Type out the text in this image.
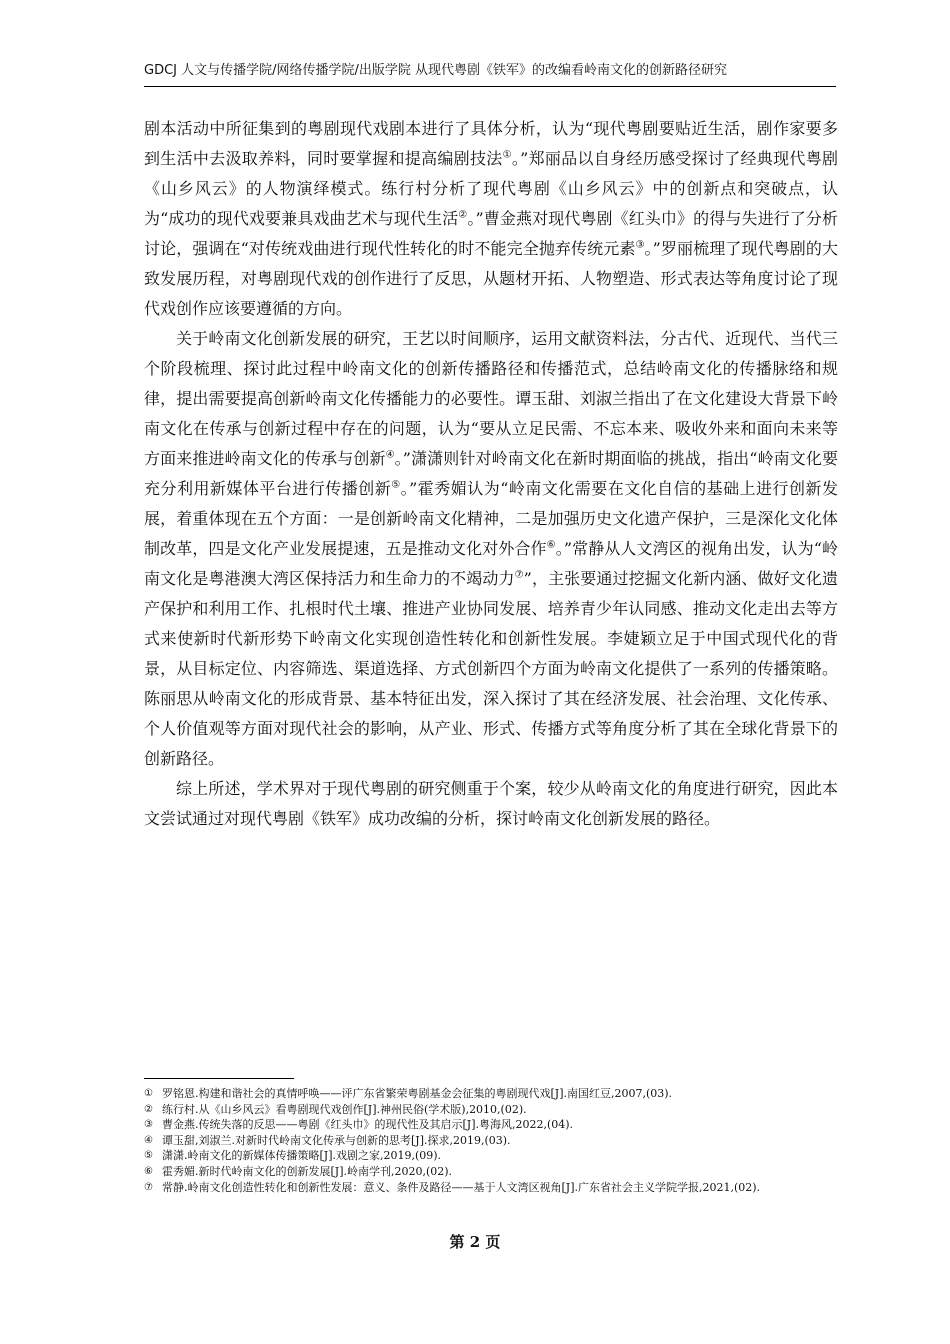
GDCJ 人文与传播学院/网络传播学院/出版学院 从现代粤剧《铁军》的改编看岭南文化的创新路径研究

剧本活动中所征集到的粤剧现代戏剧本进行了具体分析，认为“现代粤剧要贴近生活，剧作家要多到生活中去汲取养料，同时要掌握和提高编剧技法①。”郑丽品以自身经历感受探讨了经典现代粤剧《山乡风云》的人物演绎模式。练行村分析了现代粤剧《山乡风云》中的创新点和突破点，认为“成功的现代戏要兼具戏曲艺术与现代生活②。”曹金燕对现代粤剧《红头巾》的得与失进行了分析讨论，强调在“对传统戏曲进行现代性转化的时不能完全抛弃传统元素③。”罗丽梳理了现代粤剧的大致发展历程，对粤剧现代戏的创作进行了反思，从题材开拓、人物塑造、形式表达等角度讨论了现代戏创作应该要遵循的方向。

关于岭南文化创新发展的研究，王艺以时间顺序，运用文献资料法，分古代、近现代、当代三个阶段梳理、探讨此过程中岭南文化的创新传播路径和传播范式，总结岭南文化的传播脉络和规律，提出需要提高创新岭南文化传播能力的必要性。谭玉甜、刘淑兰指出了在文化建设大背景下岭南文化在传承与创新过程中存在的问题，认为“要从立足民需、不忘本来、吸收外来和面向未来等方面来推进岭南文化的传承与创新④。”潇潇则针对岭南文化在新时期面临的挑战，指出“岭南文化要充分利用新媒体平台进行传播创新⑤。”霍秀媚认为“岭南文化需要在文化自信的基础上进行创新发展，着重体现在五个方面：一是创新岭南文化精神，二是加强历史文化遗产保护，三是深化文化体制改革，四是文化产业发展提速，五是推动文化对外合作⑥。”常静从人文湾区的视角出发，认为“岭南文化是粤港澳大湾区保持活力和生命力的不竭动力⑦”，主张要通过挖掘文化新内涵、做好文化遗产保护和利用工作、扎根时代土壤、推进产业协同发展、培养青少年认同感、推动文化走出去等方式来使新时代新形势下岭南文化实现创造性转化和创新性发展。李婕颖立足于中国式现代化的背景，从目标定位、内容筛选、渠道选择、方式创新四个方面为岭南文化提供了一系列的传播策略。陈丽思从岭南文化的形成背景、基本特征出发，深入探讨了其在经济发展、社会治理、文化传承、个人价值观等方面对现代社会的影响，从产业、形式、传播方式等角度分析了其在全球化背景下的创新路径。

综上所述，学术界对于现代粤剧的研究侧重于个案，较少从岭南文化的角度进行研究，因此本文尝试通过对现代粤剧《铁军》成功改编的分析，探讨岭南文化创新发展的路径。

① 罗铭恩.构建和谐社会的真情呼唤——评广东省繁荣粤剧基金会征集的粤剧现代戏[J].南国红豆,2007,(03).
② 练行村.从《山乡风云》看粤剧现代戏创作[J].神州民俗(学术版),2010,(02).
③ 曹金燕.传统失落的反思——粤剧《红头巾》的现代性及其启示[J].粤海风,2022,(04).
④ 谭玉甜,刘淑兰.对新时代岭南文化传承与创新的思考[J].探求,2019,(03).
⑤ 潇潇.岭南文化的新媒体传播策略[J].戏剧之家,2019,(09).
⑥ 霍秀媚.新时代岭南文化的创新发展[J].岭南学刊,2020,(02).
⑦ 常静.岭南文化创造性转化和创新性发展：意义、条件及路径——基于人文湾区视角[J].广东省社会主义学院学报,2021,(02).
第 2 页
